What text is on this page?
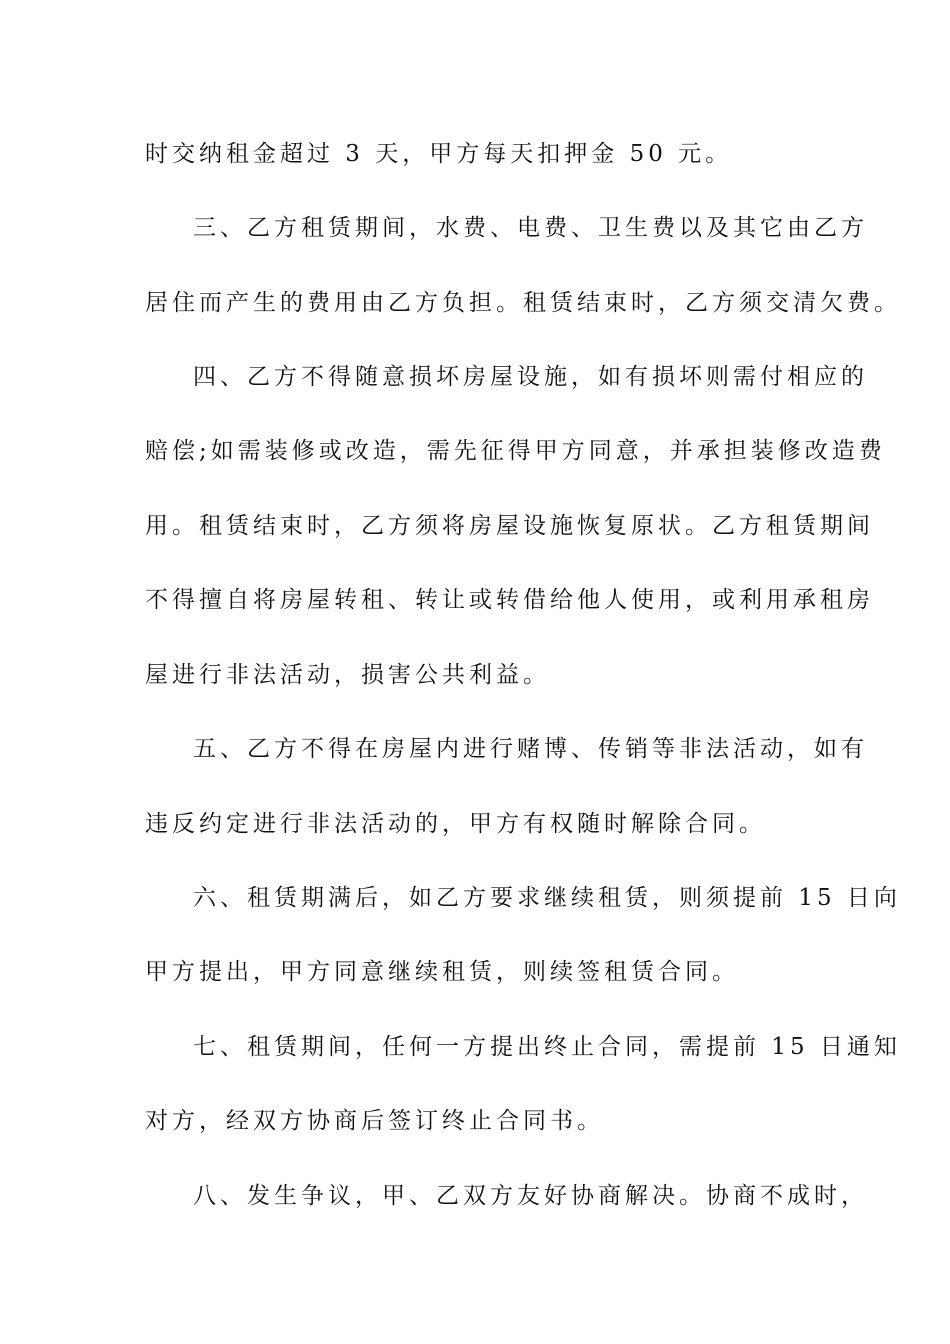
时交纳租金超过 3 天，甲方每天扣押金 50 元。
三、乙方租赁期间，水费、电费、卫生费以及其它由乙方
居住而产生的费用由乙方负担。租赁结束时，乙方须交清欠费。
四、乙方不得随意损坏房屋设施，如有损坏则需付相应的
赔偿;如需装修或改造，需先征得甲方同意，并承担装修改造费
用。租赁结束时，乙方须将房屋设施恢复原状。乙方租赁期间
不得擅自将房屋转租、转让或转借给他人使用，或利用承租房
屋进行非法活动，损害公共利益。
五、乙方不得在房屋内进行赌博、传销等非法活动，如有
违反约定进行非法活动的，甲方有权随时解除合同。
六、租赁期满后，如乙方要求继续租赁，则须提前 15 日向
甲方提出，甲方同意继续租赁，则续签租赁合同。
七、租赁期间，任何一方提出终止合同，需提前 15 日通知
对方，经双方协商后签订终止合同书。
八、发生争议，甲、乙双方友好协商解决。协商不成时，
